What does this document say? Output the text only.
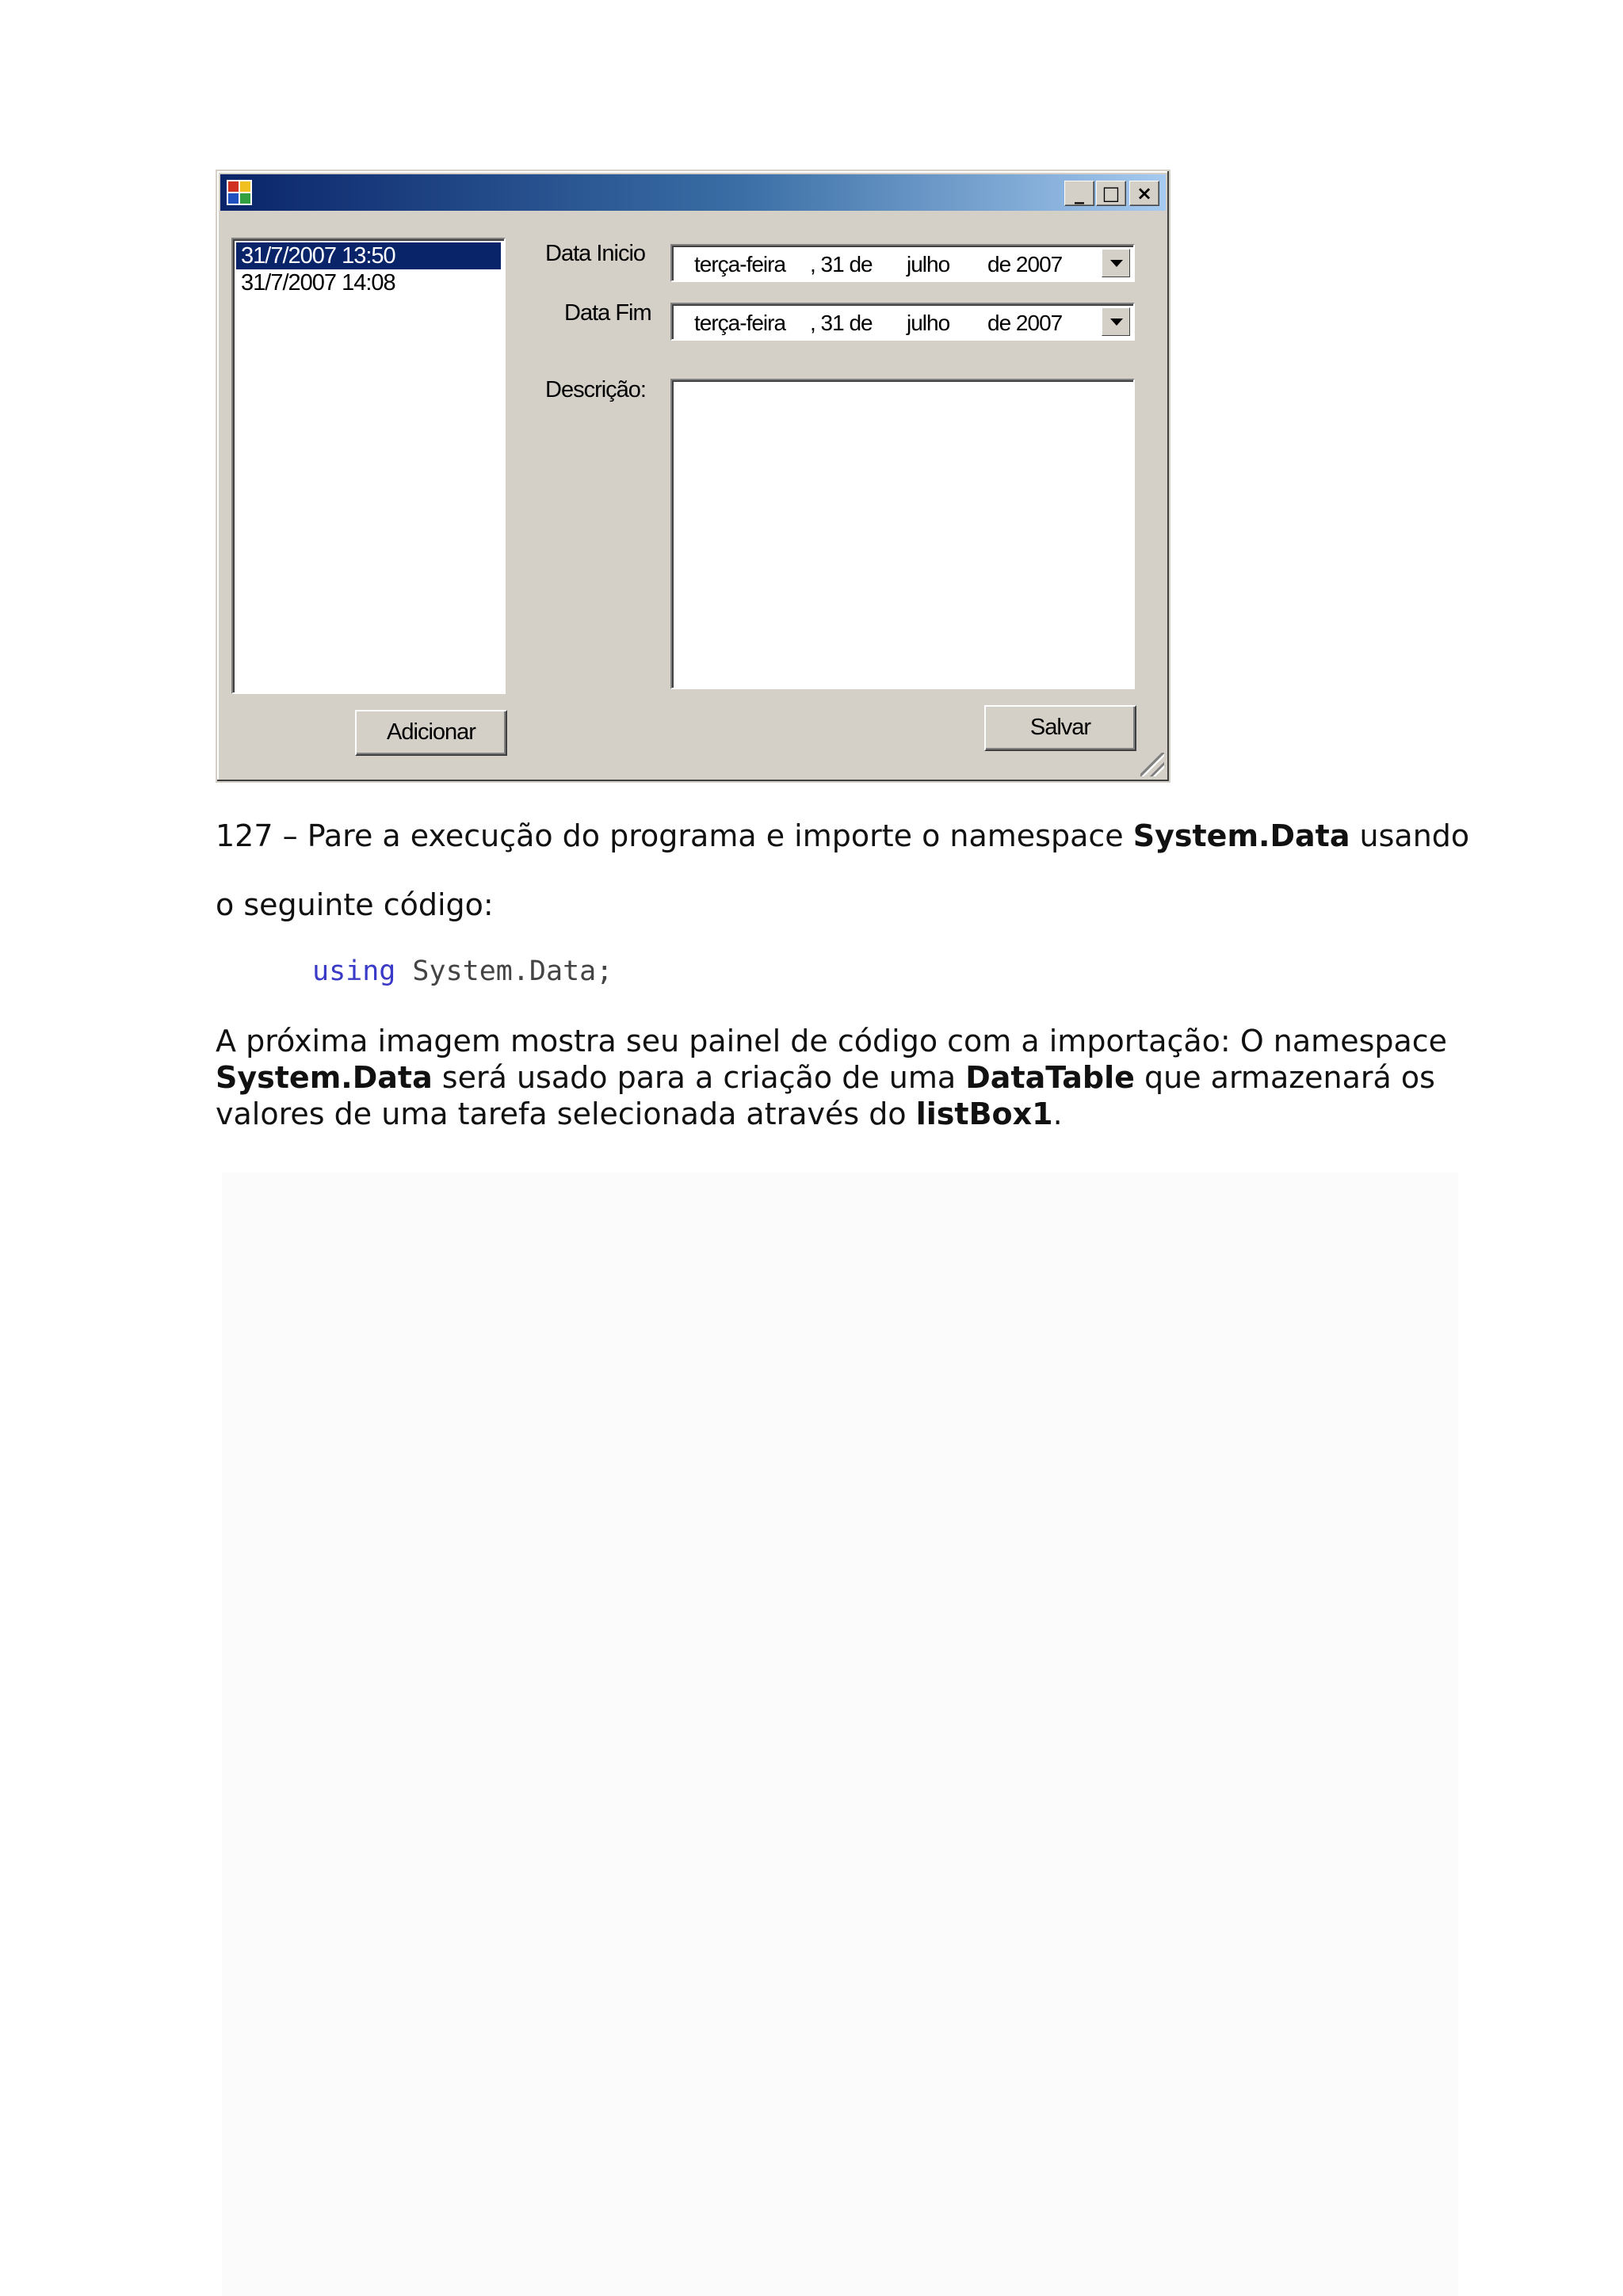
_ □ ×
31/7/2007 13:50
31/7/2007 14:08
Data Inicio terça-feira , 31 de julho de 2007
Data Fim terça-feira , 31 de julho de 2007
Descrição:
Adicionar	Salvar

127 – Pare a execução do programa e importe o namespace System.Data usando

o seguinte código:

using System.Data;

A próxima imagem mostra seu painel de código com a importação: O namespace

System.Data será usado para a criação de uma DataTable que armazenará os

valores de uma tarefa selecionada através do listBox1.
